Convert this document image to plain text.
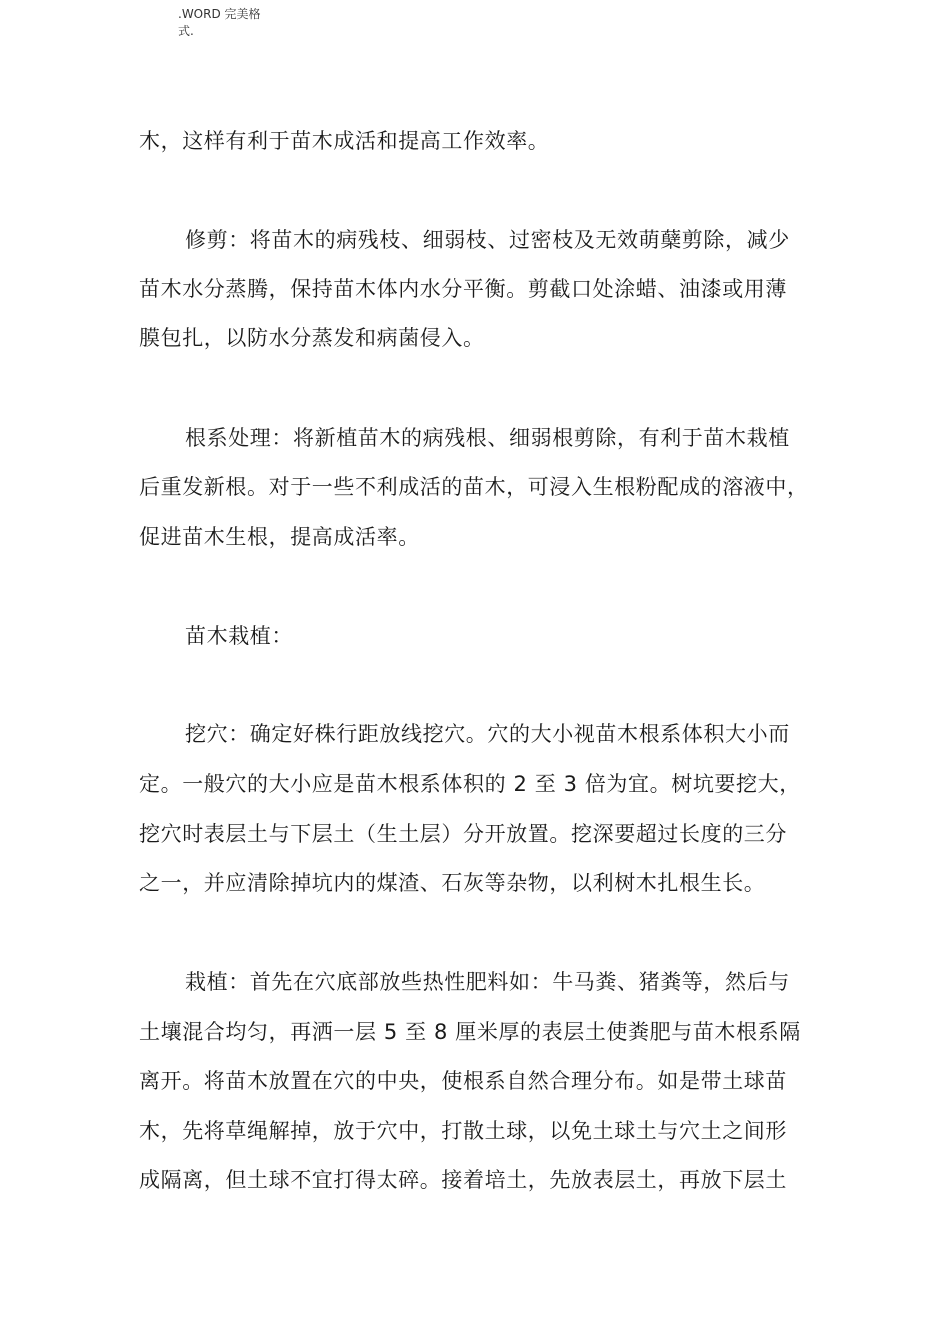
.WORD 完美格
式.
木，这样有利于苗木成活和提高工作效率。
修剪：将苗木的病残枝、细弱枝、过密枝及无效萌蘖剪除，减少
苗木水分蒸腾，保持苗木体内水分平衡。剪截口处涂蜡、油漆或用薄
膜包扎，以防水分蒸发和病菌侵入。
根系处理：将新植苗木的病残根、细弱根剪除，有利于苗木栽植
后重发新根。对于一些不利成活的苗木，可浸入生根粉配成的溶液中，
促进苗木生根，提高成活率。
苗木栽植：
挖穴：确定好株行距放线挖穴。穴的大小视苗木根系体积大小而
定。一般穴的大小应是苗木根系体积的 2 至 3 倍为宜。树坑要挖大，
挖穴时表层土与下层土（生土层）分开放置。挖深要超过长度的三分
之一，并应清除掉坑内的煤渣、石灰等杂物，以利树木扎根生长。
栽植：首先在穴底部放些热性肥料如：牛马粪、猪粪等，然后与
土壤混合均匀，再洒一层 5 至 8 厘米厚的表层土使粪肥与苗木根系隔
离开。将苗木放置在穴的中央，使根系自然合理分布。如是带土球苗
木，先将草绳解掉，放于穴中，打散土球，以免土球土与穴土之间形
成隔离，但土球不宜打得太碎。接着培土，先放表层土，再放下层土
